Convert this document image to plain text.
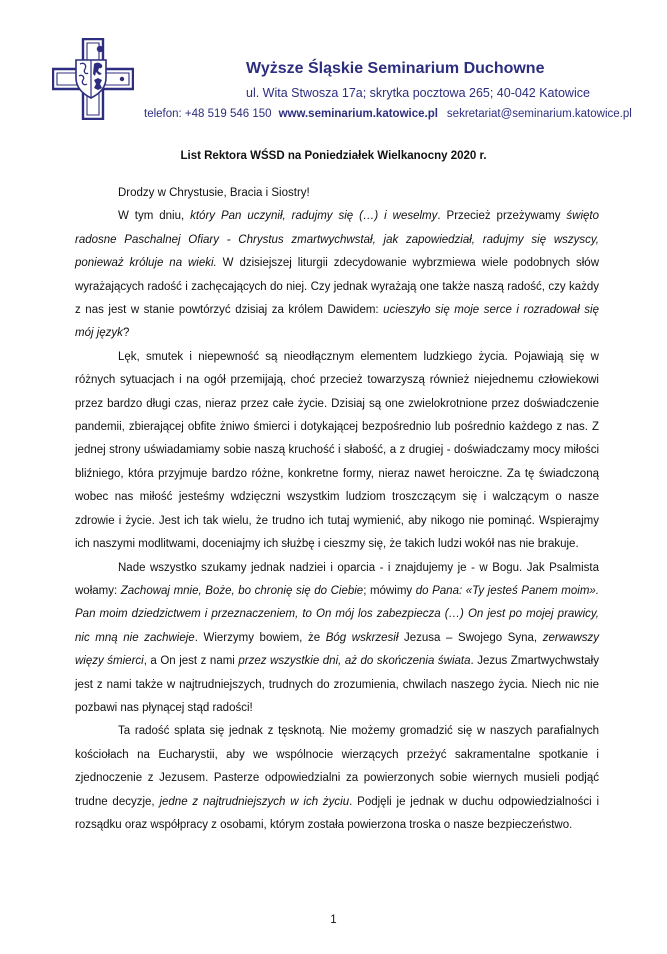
Wyższe Śląskie Seminarium Duchowne

ul. Wita Stwosza 17a; skrytka pocztowa 265; 40-042 Katowice

telefon: +48 519 546 150 www.seminarium.katowice.pl sekretariat@seminarium.katowice.pl

List Rektora WŚSD na Poniedziałek Wielkanocny 2020 r.

Drodzy w Chrystusie, Bracia i Siostry!

W tym dniu, który Pan uczynił, radujmy się (…) i weselmy. Przecież przeżywamy święto radosne Paschalnej Ofiary - Chrystus zmartwychwstał, jak zapowiedział, radujmy się wszyscy, ponieważ króluje na wieki. W dzisiejszej liturgii zdecydowanie wybrzmiewa wiele podobnych słów wyrażających radość i zachęcających do niej. Czy jednak wyrażają one także naszą radość, czy każdy z nas jest w stanie powtórzyć dzisiaj za królem Dawidem: ucieszyło się moje serce i rozradował się mój język?

Lęk, smutek i niepewność są nieodłącznym elementem ludzkiego życia. Pojawiają się w różnych sytuacjach i na ogół przemijają, choć przecież towarzyszą również niejednemu człowiekowi przez bardzo długi czas, nieraz przez całe życie. Dzisiaj są one zwielokrotnione przez doświadczenie pandemii, zbierającej obfite żniwo śmierci i dotykającej bezpośrednio lub pośrednio każdego z nas. Z jednej strony uświadamiamy sobie naszą kruchość i słabość, a z drugiej - doświadczamy mocy miłości bliźniego, która przyjmuje bardzo różne, konkretne formy, nieraz nawet heroiczne. Za tę świadczoną wobec nas miłość jesteśmy wdzięczni wszystkim ludziom troszczącym się i walczącym o nasze zdrowie i życie. Jest ich tak wielu, że trudno ich tutaj wymienić, aby nikogo nie pominąć. Wspierajmy ich naszymi modlitwami, doceniajmy ich służbę i cieszmy się, że takich ludzi wokół nas nie brakuje.

Nade wszystko szukamy jednak nadziei i oparcia - i znajdujemy je - w Bogu. Jak Psalmista wołamy: Zachowaj mnie, Boże, bo chronię się do Ciebie; mówimy do Pana: «Ty jesteś Panem moim». Pan moim dziedzictwem i przeznaczeniem, to On mój los zabezpiecza (…) On jest po mojej prawicy, nic mną nie zachwieje. Wierzymy bowiem, że Bóg wskrzesił Jezusa – Swojego Syna, zerwawszy więzy śmierci, a On jest z nami przez wszystkie dni, aż do skończenia świata. Jezus Zmartwychwstały jest z nami także w najtrudniejszych, trudnych do zrozumienia, chwilach naszego życia. Niech nic nie pozbawi nas płynącej stąd radości!

Ta radość splata się jednak z tęsknotą. Nie możemy gromadzić się w naszych parafialnych kościołach na Eucharystii, aby we wspólnocie wierzących przeżyć sakramentalne spotkanie i zjednoczenie z Jezusem. Pasterze odpowiedzialni za powierzonych sobie wiernych musieli podjąć trudne decyzje, jedne z najtrudniejszych w ich życiu. Podjęli je jednak w duchu odpowiedzialności i rozsądku oraz współpracy z osobami, którym została powierzona troska o nasze bezpieczeństwo.

1
